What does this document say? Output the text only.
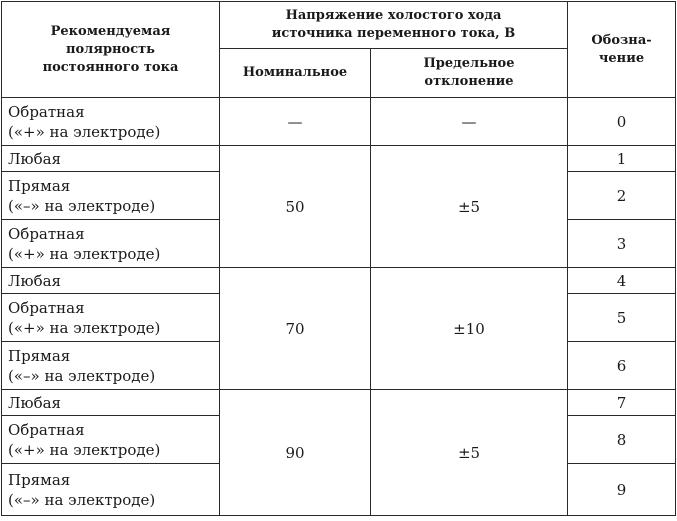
Рекомендуемая полярность постоянного тока	Напряжение холостого хода источника переменного тока, В		Обозна-чение
	Номинальное	Предельное отклонение	

Обратная
(«+» на электроде)	—	—	0

Любая	50	±5	1

Прямая
(«–» на электроде)			2

Обратная
(«+» на электроде)			3

Любая	70	±10	4

Обратная
(«+» на электроде)			5

Прямая
(«–» на электроде)			6

Любая	90	±5	7

Обратная
(«+» на электроде)			8

Прямая
(«–» на электроде)			9
